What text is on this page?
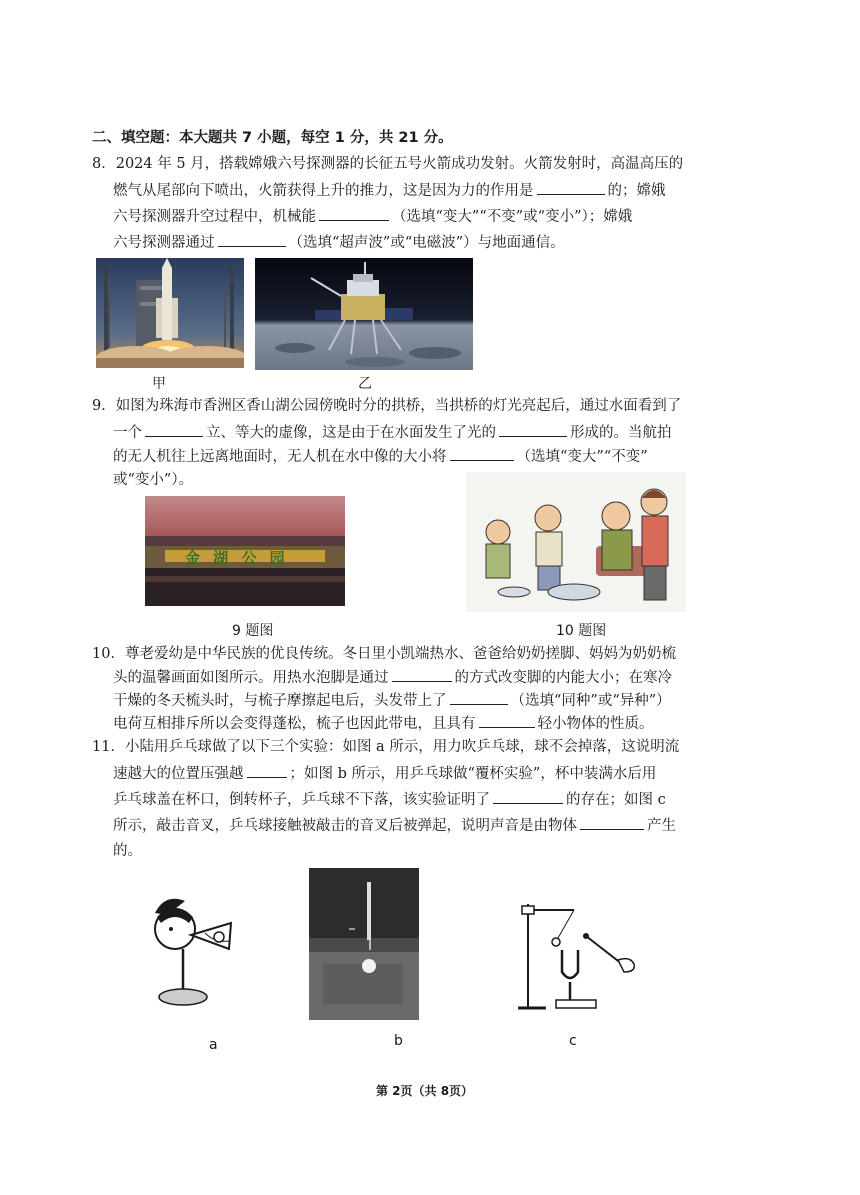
二、填空题：本大题共 7 小题，每空 1 分，共 21 分。
8．2024 年 5 月，搭载嫦娥六号探测器的长征五号火箭成功发射。火箭发射时，高温高压的
燃气从尾部向下喷出，火箭获得上升的推力，这是因为力的作用是	的；嫦娥
六号探测器升空过程中，机械能	（选填“变大”“不变”或“变小”）；嫦娥
六号探测器通过	（选填“超声波”或“电磁波”）与地面通信。
甲	乙
9．如图为珠海市香洲区香山湖公园傍晚时分的拱桥，当拱桥的灯光亮起后，通过水面看到了
一个	立、等大的虚像，这是由于在水面发生了光的	形成的。当航拍
的无人机往上远离地面时，无人机在水中像的大小将	（选填“变大”“不变”
或“变小”）。
金 湖 公 园
9 题图	10 题图
10．尊老爱幼是中华民族的优良传统。冬日里小凯端热水、爸爸给奶奶搓脚、妈妈为奶奶梳
头的温馨画面如图所示。用热水泡脚是通过	的方式改变脚的内能大小；在寒冷
干燥的冬天梳头时，与梳子摩擦起电后，头发带上了	（选填“同种”或“异种”）
电荷互相排斥所以会变得蓬松，梳子也因此带电，且具有	轻小物体的性质。
11．小陆用乒乓球做了以下三个实验：如图 a 所示，用力吹乒乓球，球不会掉落，这说明流
速越大的位置压强越	；如图 b 所示，用乒乓球做“覆杯实验”，杯中装满水后用
乒乓球盖在杯口，倒转杯子，乒乓球不下落，该实验证明了	的存在；如图 c
所示，敲击音叉，乒乓球接触被敲击的音叉后被弹起，说明声音是由物体	产生
的。
a	b	c
第 2页（共 8页）
